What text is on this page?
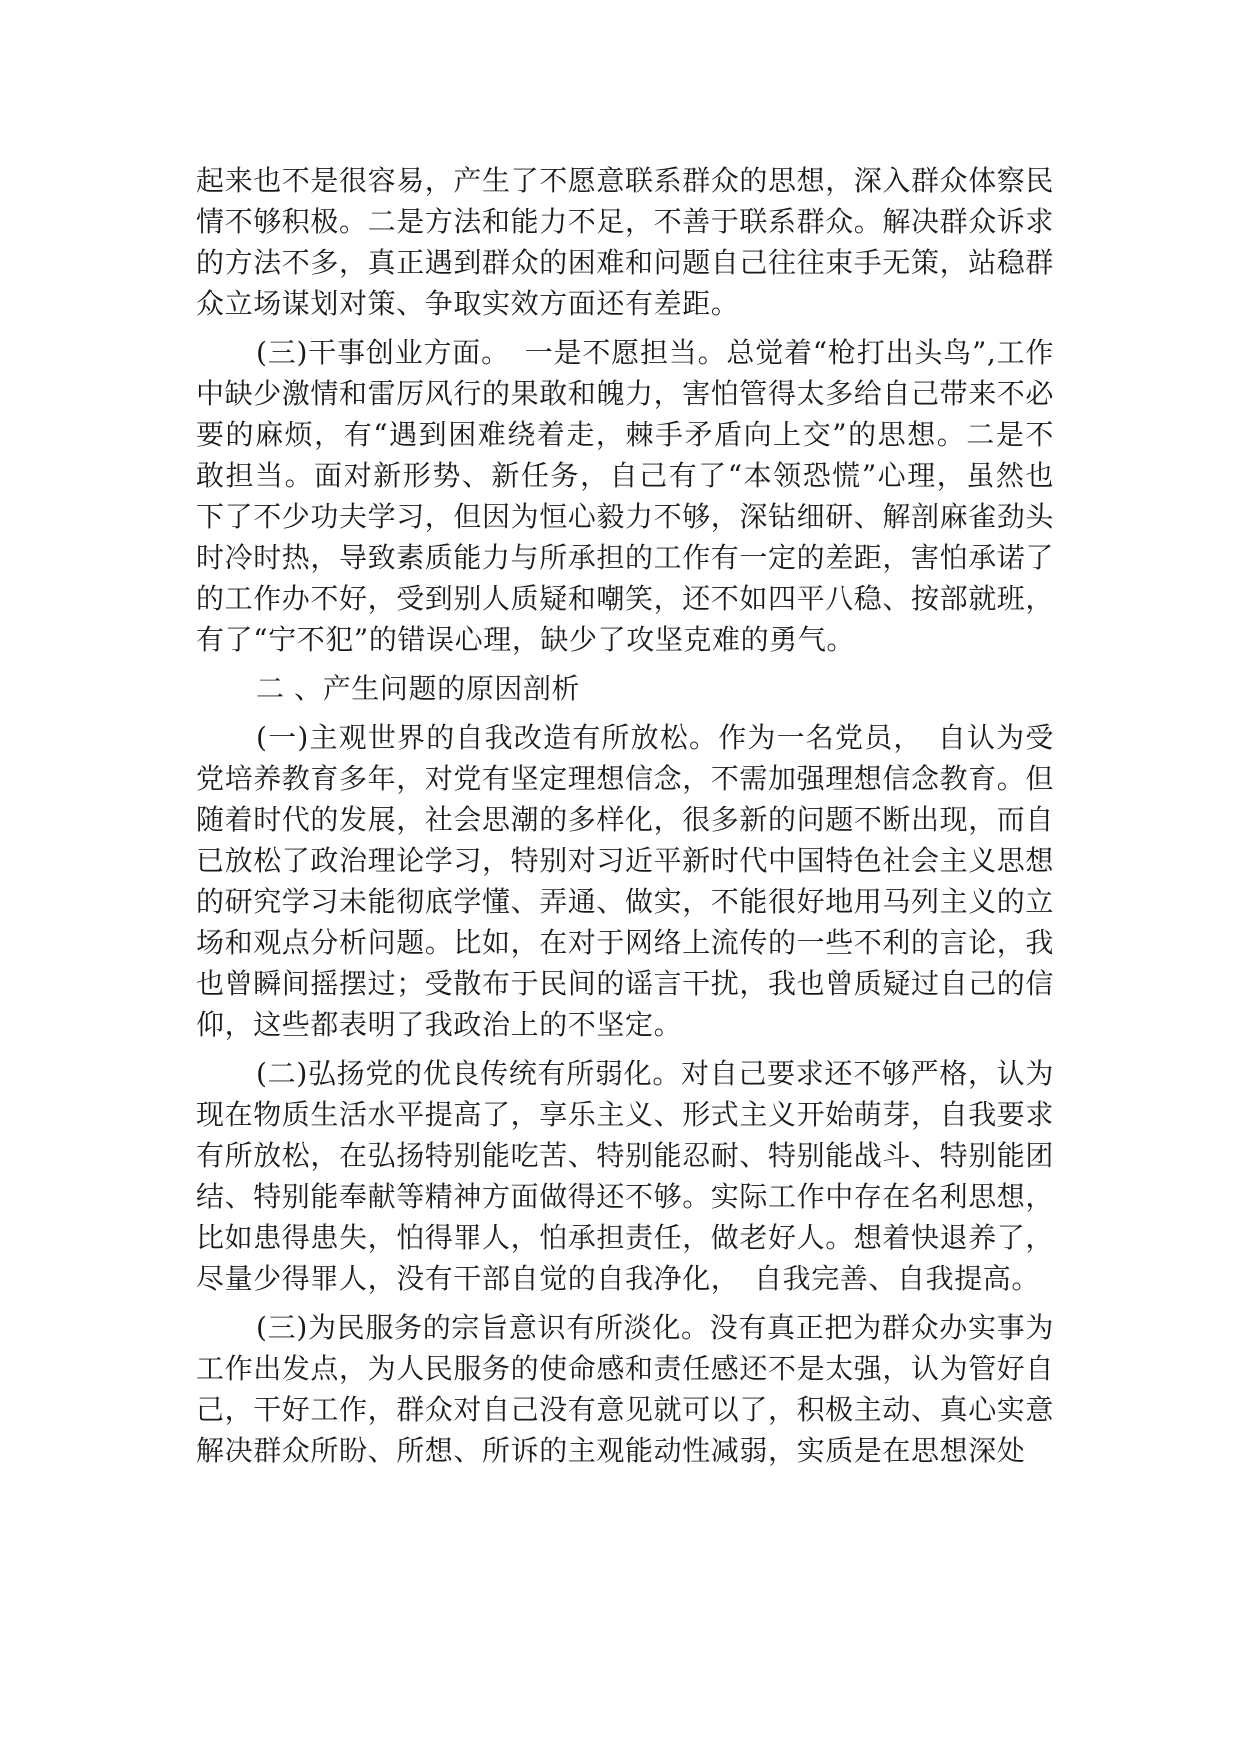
起来也不是很容易，产生了不愿意联系群众的思想，深入群众体察民情不够积极。二是方法和能力不足，不善于联系群众。解决群众诉求的方法不多，真正遇到群众的困难和问题自己往往束手无策，站稳群众立场谋划对策、争取实效方面还有差距。

(三)干事创业方面。　一是不愿担当。总觉着“枪打出头鸟”,工作中缺少激情和雷厉风行的果敢和魄力，害怕管得太多给自己带来不必要的麻烦，有“遇到困难绕着走，棘手矛盾向上交”的思想。二是不敢担当。面对新形势、新任务，自己有了“本领恐慌”心理，虽然也下了不少功夫学习，但因为恒心毅力不够，深钻细研、解剖麻雀劲头时冷时热，导致素质能力与所承担的工作有一定的差距，害怕承诺了的工作办不好，受到别人质疑和嘲笑，还不如四平八稳、按部就班，有了“宁不犯”的错误心理，缺少了攻坚克难的勇气。

二 、产生问题的原因剖析

(一)主观世界的自我改造有所放松。作为一名党员，　自认为受党培养教育多年，对党有坚定理想信念，不需加强理想信念教育。但随着时代的发展，社会思潮的多样化，很多新的问题不断出现，而自已放松了政治理论学习，特别对习近平新时代中国特色社会主义思想的研究学习未能彻底学懂、弄通、做实，不能很好地用马列主义的立场和观点分析问题。比如，在对于网络上流传的一些不利的言论，我也曾瞬间摇摆过；受散布于民间的谣言干扰，我也曾质疑过自己的信仰，这些都表明了我政治上的不坚定。

(二)弘扬党的优良传统有所弱化。对自己要求还不够严格，认为现在物质生活水平提高了，享乐主义、形式主义开始萌芽，自我要求有所放松，在弘扬特别能吃苦、特别能忍耐、特别能战斗、特别能团结、特别能奉献等精神方面做得还不够。实际工作中存在名利思想，比如患得患失，怕得罪人，怕承担责任，做老好人。想着快退养了，尽量少得罪人，没有干部自觉的自我净化，　自我完善、自我提高。

(三)为民服务的宗旨意识有所淡化。没有真正把为群众办实事为工作出发点，为人民服务的使命感和责任感还不是太强，认为管好自己，干好工作，群众对自己没有意见就可以了，积极主动、真心实意解决群众所盼、所想、所诉的主观能动性减弱，实质是在思想深处
